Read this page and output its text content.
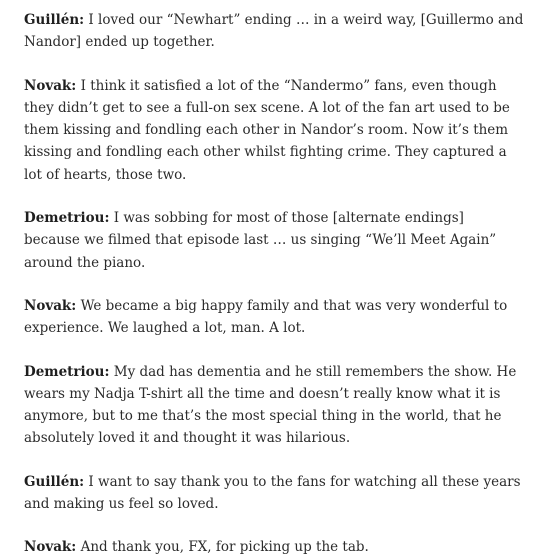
Guillén: I loved our “Newhart” ending … in a weird way, [Guillermo and Nandor] ended up together.

Novak: I think it satisfied a lot of the “Nandermo” fans, even though they didn’t get to see a full-on sex scene. A lot of the fan art used to be them kissing and fondling each other in Nandor’s room. Now it’s them kissing and fondling each other whilst fighting crime. They captured a lot of hearts, those two.

Demetriou: I was sobbing for most of those [alternate endings] because we filmed that episode last … us singing “We’ll Meet Again” around the piano.

Novak: We became a big happy family and that was very wonderful to experience. We laughed a lot, man. A lot.

Demetriou: My dad has dementia and he still remembers the show. He wears my Nadja T-shirt all the time and doesn’t really know what it is anymore, but to me that’s the most special thing in the world, that he absolutely loved it and thought it was hilarious.

Guillén: I want to say thank you to the fans for watching all these years and making us feel so loved.

Novak: And thank you, FX, for picking up the tab.
